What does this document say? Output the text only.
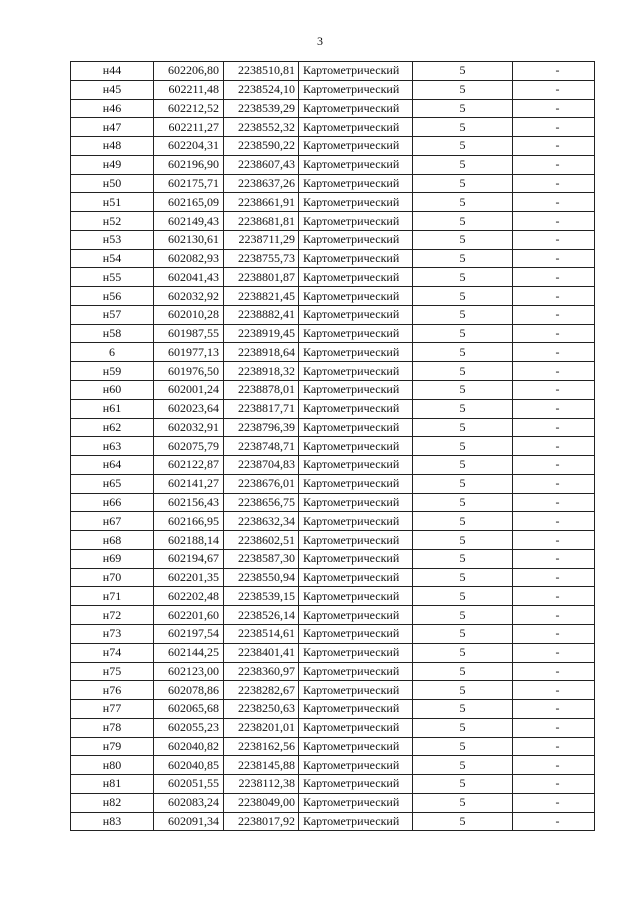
3
н44	602206,80	2238510,81	Картометрический	5	-
н45	602211,48	2238524,10	Картометрический	5	-
н46	602212,52	2238539,29	Картометрический	5	-
н47	602211,27	2238552,32	Картометрический	5	-
н48	602204,31	2238590,22	Картометрический	5	-
н49	602196,90	2238607,43	Картометрический	5	-
н50	602175,71	2238637,26	Картометрический	5	-
н51	602165,09	2238661,91	Картометрический	5	-
н52	602149,43	2238681,81	Картометрический	5	-
н53	602130,61	2238711,29	Картометрический	5	-
н54	602082,93	2238755,73	Картометрический	5	-
н55	602041,43	2238801,87	Картометрический	5	-
н56	602032,92	2238821,45	Картометрический	5	-
н57	602010,28	2238882,41	Картометрический	5	-
н58	601987,55	2238919,45	Картометрический	5	-
6	601977,13	2238918,64	Картометрический	5	-
н59	601976,50	2238918,32	Картометрический	5	-
н60	602001,24	2238878,01	Картометрический	5	-
н61	602023,64	2238817,71	Картометрический	5	-
н62	602032,91	2238796,39	Картометрический	5	-
н63	602075,79	2238748,71	Картометрический	5	-
н64	602122,87	2238704,83	Картометрический	5	-
н65	602141,27	2238676,01	Картометрический	5	-
н66	602156,43	2238656,75	Картометрический	5	-
н67	602166,95	2238632,34	Картометрический	5	-
н68	602188,14	2238602,51	Картометрический	5	-
н69	602194,67	2238587,30	Картометрический	5	-
н70	602201,35	2238550,94	Картометрический	5	-
н71	602202,48	2238539,15	Картометрический	5	-
н72	602201,60	2238526,14	Картометрический	5	-
н73	602197,54	2238514,61	Картометрический	5	-
н74	602144,25	2238401,41	Картометрический	5	-
н75	602123,00	2238360,97	Картометрический	5	-
н76	602078,86	2238282,67	Картометрический	5	-
н77	602065,68	2238250,63	Картометрический	5	-
н78	602055,23	2238201,01	Картометрический	5	-
н79	602040,82	2238162,56	Картометрический	5	-
н80	602040,85	2238145,88	Картометрический	5	-
н81	602051,55	2238112,38	Картометрический	5	-
н82	602083,24	2238049,00	Картометрический	5	-
н83	602091,34	2238017,92	Картометрический	5	-
